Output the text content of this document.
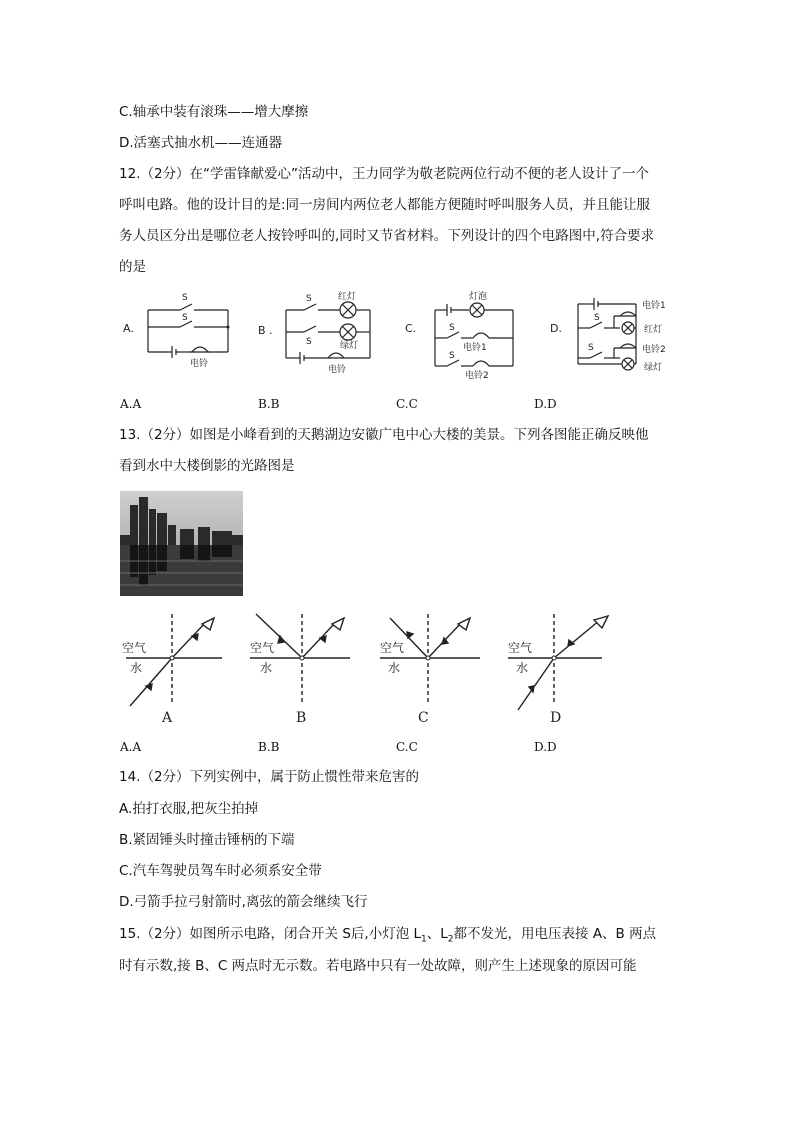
C.轴承中装有滚珠——增大摩擦
D.活塞式抽水机——连通器
12.（2分）在“学雷锋献爱心”活动中，王力同学为敬老院两位行动不便的老人设计了一个
呼叫电路。他的设计目的是:同一房间内两位老人都能方便随时呼叫服务人员，并且能让服
务人员区分出是哪位老人按铃呼叫的,同时又节省材料。下列设计的四个电路图中,符合要求
的是
A.
S
S
电铃
B .
S	红灯
S	绿灯
电铃
C.
灯泡
S
电铃1
S
电铃2
D.
S
S
电铃1
红灯
电铃2
绿灯
A.A	B.B	C.C	D.D
13.（2分）如图是小峰看到的天鹅湖边安徽广电中心大楼的美景。下列各图能正确反映他
看到水中大楼倒影的光路图是
空气
水
A
空气
水
B
空气
水
C
空气
水
D
A.A	B.B	C.C	D.D
14.（2分）下列实例中，属于防止惯性带来危害的
A.拍打衣服,把灰尘拍掉
B.紧固锤头时撞击锤柄的下端
C.汽车驾驶员驾车时必须系安全带
D.弓箭手拉弓射箭时,离弦的箭会继续飞行
15.（2分）如图所示电路，闭合开关 S后,小灯泡 $L_1$、$L_2$都不发光，用电压表接 A、B 两点
时有示数,接 B、C 两点时无示数。若电路中只有一处故障，则产生上述现象的原因可能
